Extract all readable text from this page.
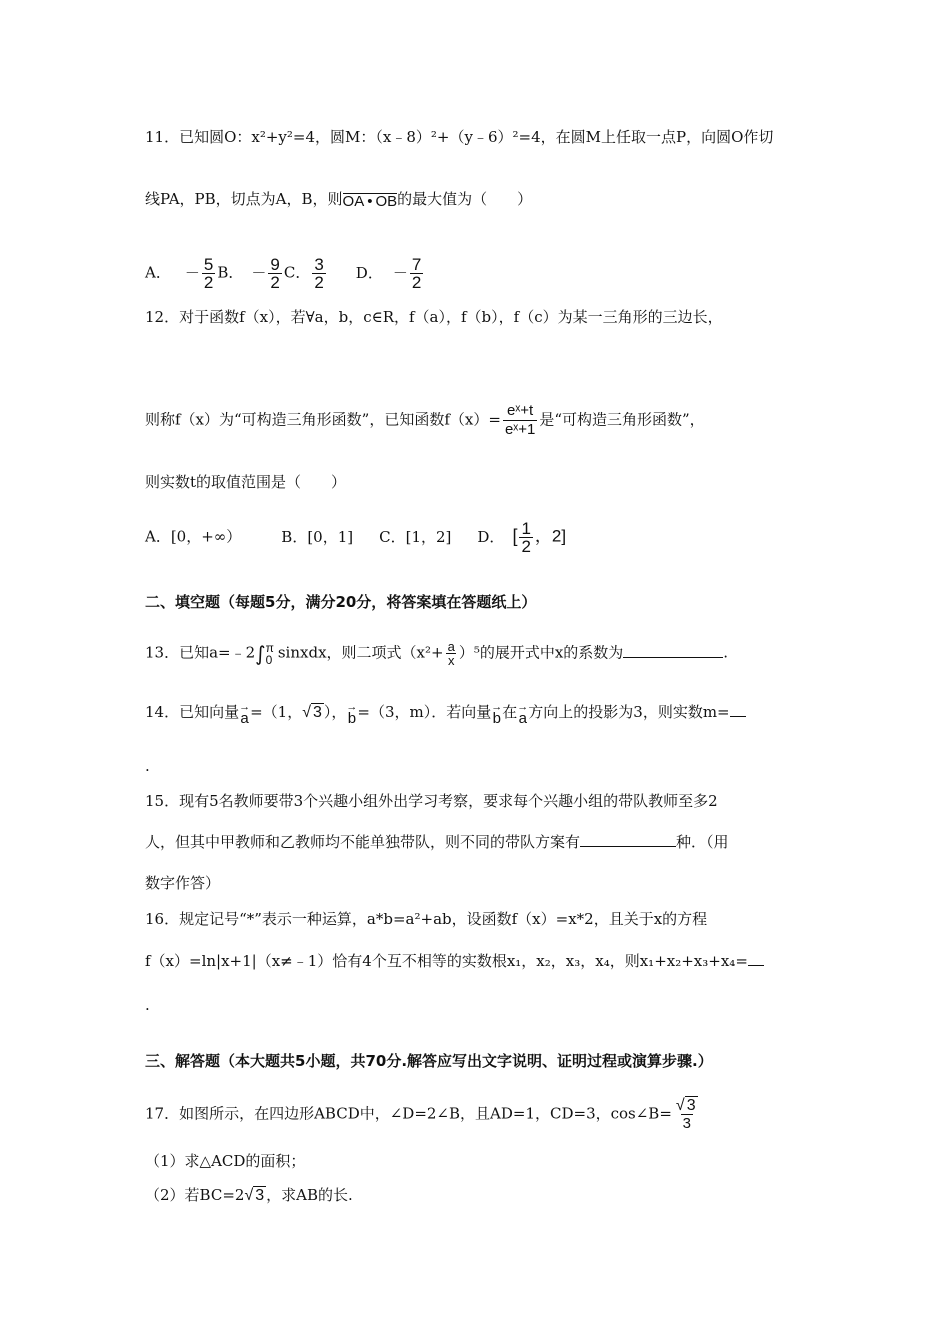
11．已知圆O：x²+y²=4，圆M：（x﹣8）²+（y﹣6）²=4，在圆M上任取一点P，向圆O作切
线PA，PB，切点为A，B，则 OA • OB 的最大值为（　　）
A． － $\frac{5}{2}$ B． － $\frac{9}{2}$ C． $\frac{3}{2}$ D． － $\frac{7}{2}$
12．对于函数f（x），若∀a，b，c∈R，f（a），f（b），f（c）为某一三角形的三边长，
则称f（x）为“可构造三角形函数”，已知函数$f(x)= \frac{\text{eˣ+t}}{\text{eˣ+1}}$ 是“可构造三角形函数”，
则实数t的取值范围是（　　）
A．[0，+∞）	B．[0，1] C．[1，2] D． [ $\frac{1}{2}$ ，2]
二、填空题（每题5分，满分20分，将答案填在答题纸上）
13．已知a=﹣2∫ π
0 sinxdx，则二项式$(x^2+ \frac{a}{x} )^5$的展开式中x的系数为	.
14．已知向量 →
a =（1，√ 3 ）， →
b =（3，m）．若向量 →
b 在 →
a 方向上的投影为3，则实数m=
.
15．现有5名教师要带3个兴趣小组外出学习考察，要求每个兴趣小组的带队教师至多2
人，但其中甲教师和乙教师均不能单独带队，则不同的带队方案有	种．（用
数字作答）
16．规定记号“*”表示一种运算，a*b=a²+ab，设函数f（x）=x*2，且关于x的方程
f（x）=ln|x+1|（x≠﹣1）恰有4个互不相等的实数根x₁，x₂，x₃，x₄，则x₁+x₂+x₃+x₄=
.
三、解答题（本大题共5小题，共70分.解答应写出文字说明、证明过程或演算步骤.）
17．如图所示，在四边形ABCD中，∠D=2∠B，且AD=1，CD=3，cos∠B= $\frac{√ 3}{3}$
（1）求△ACD的面积；
（2）若BC=2√ 3 ，求AB的长.
